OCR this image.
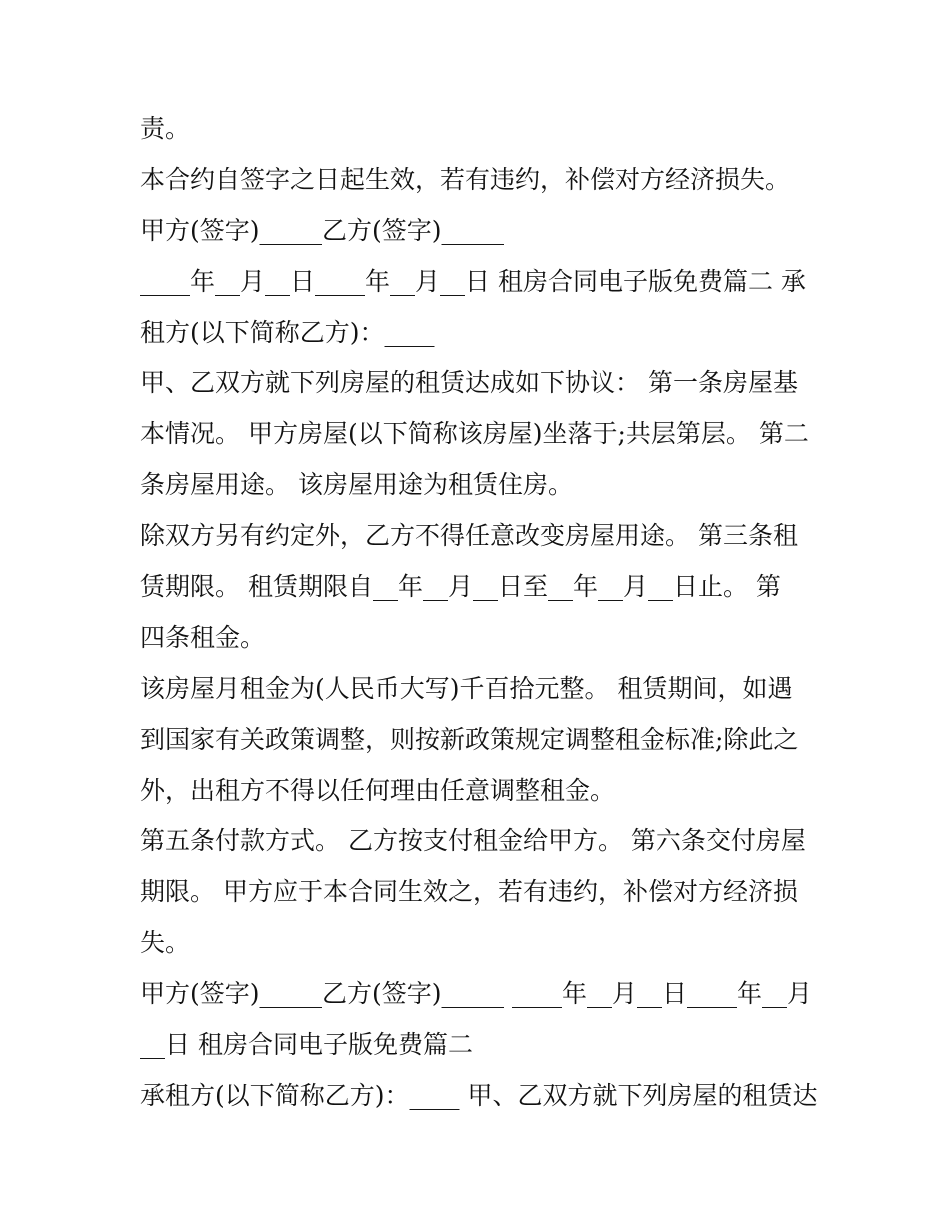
责。
本合约自签字之日起生效，若有违约，补偿对方经济损失。
甲方(签字)_____乙方(签字)_____
____年__月__日____年__月__日 租房合同电子版免费篇二 承
租方(以下简称乙方)：____
甲、乙双方就下列房屋的租赁达成如下协议： 第一条房屋基
本情况。 甲方房屋(以下简称该房屋)坐落于;共层第层。 第二
条房屋用途。 该房屋用途为租赁住房。
除双方另有约定外，乙方不得任意改变房屋用途。 第三条租
赁期限。 租赁期限自__年__月__日至__年__月__日止。 第
四条租金。
该房屋月租金为(人民币大写)千百拾元整。 租赁期间，如遇
到国家有关政策调整，则按新政策规定调整租金标准;除此之
外，出租方不得以任何理由任意调整租金。
第五条付款方式。 乙方按支付租金给甲方。 第六条交付房屋
期限。 甲方应于本合同生效之，若有违约，补偿对方经济损
失。
甲方(签字)_____乙方(签字)_____ ____年__月__日____年__月
__日 租房合同电子版免费篇二
承租方(以下简称乙方)：____ 甲、乙双方就下列房屋的租赁达
